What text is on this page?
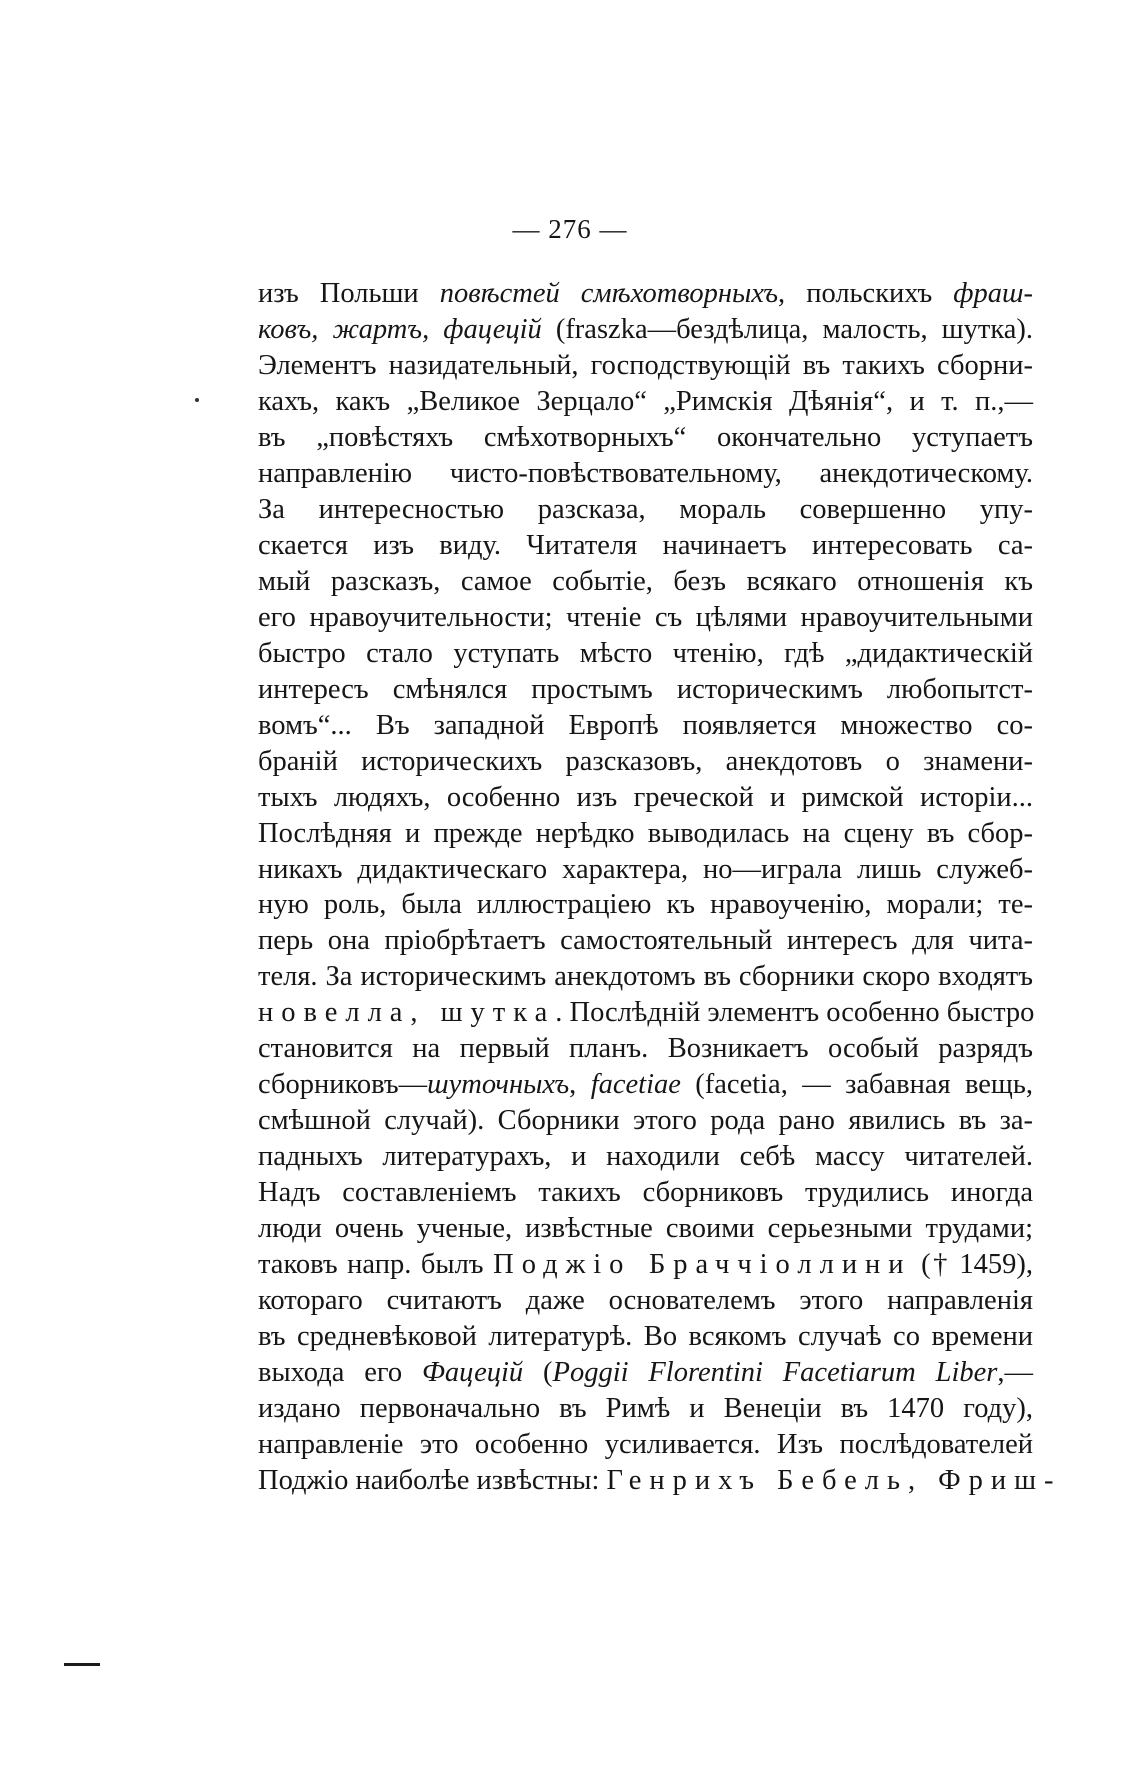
— 276 —
изъ Польши повѣстей смѣхотворныхъ, польскихъ фраш-
ковъ, жартъ, фацецій (fraszka—бездѣлица, малость, шутка).
Элементъ назидательный, господствующій въ такихъ сборни-
кахъ, какъ „Великое Зерцало“ „Римскія Дѣянія“, и т. п.,—
въ „повѣстяхъ смѣхотворныхъ“ окончательно уступаетъ
направленію чисто-повѣствовательному, анекдотическому.
За интересностью разсказа, мораль совершенно упу-
скается изъ виду. Читателя начинаетъ интересовать са-
мый разсказъ, самое событіе, безъ всякаго отношенія къ
его нравоучительности; чтеніе съ цѣлями нравоучительными
быстро стало уступать мѣсто чтенію, гдѣ „дидактическій
интересъ смѣнялся простымъ историческимъ любопытст-
вомъ“... Въ западной Европѣ появляется множество со-
браній историческихъ разсказовъ, анекдотовъ о знамени-
тыхъ людяхъ, особенно изъ греческой и римской исторіи...
Послѣдняя и прежде нерѣдко выводилась на сцену въ сбор-
никахъ дидактическаго характера, но—играла лишь служеб-
ную роль, была иллюстраціею къ нравоученію, морали; те-
перь она пріобрѣтаетъ самостоятельный интересъ для чита-
теля. За историческимъ анекдотомъ въ сборники скоро входятъ
новелла, шутка. Послѣдній элементъ особенно быстро
становится на первый планъ. Возникаетъ особый разрядъ
сборниковъ—шуточныхъ, facetiae (facetia, — забавная вещь,
смѣшной случай). Сборники этого рода рано явились въ за-
падныхъ литературахъ, и находили себѣ массу читателей.
Надъ составленіемъ такихъ сборниковъ трудились иногда
люди очень ученые, извѣстные своими серьезными трудами;
таковъ напр. былъ Поджіо Браччіоллини († 1459),
котораго считаютъ даже основателемъ этого направленія
въ средневѣковой литературѣ. Во всякомъ случаѣ со времени
выхода его Фацецій (Poggii Florentini Facetiarum Liber,—
издано первоначально въ Римѣ и Венеціи въ 1470 году),
направленіе это особенно усиливается. Изъ послѣдователей
Поджіо наиболѣе извѣстны: Генрихъ Бебель, Фриш-
